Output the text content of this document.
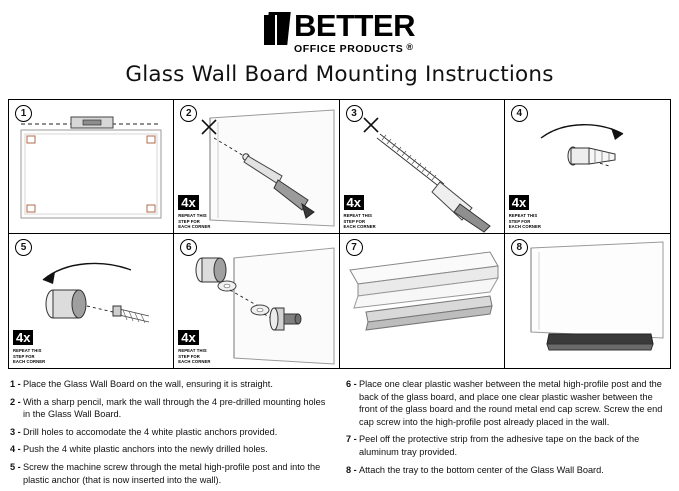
BETTER
OFFICE PRODUCTS ®
Glass Wall Board Mounting Instructions
1	2
4x
REPEAT THIS
STEP FOR
EACH CORNER
3
4x
REPEAT THIS
STEP FOR
EACH CORNER
4
4x
REPEAT THIS
STEP FOR
EACH CORNER
5
4x
REPEAT THIS
STEP FOR
EACH CORNER
6
4x
REPEAT THIS
STEP FOR
EACH CORNER
7	8
1 - Place the Glass Wall Board on the wall, ensuring it is straight.
2 - With a sharp pencil, mark the wall through the 4 pre-drilled mounting holes in the Glass Wall Board.
3 - Drill holes to accomodate the 4 white plastic anchors provided.
4 - Push the 4 white plastic anchors into the newly drilled holes.
5 - Screw the machine screw through the metal high-profile post and into the plastic anchor (that is now inserted into the wall).
6 - Place one clear plastic washer between the metal high-profile post and the back of the glass board, and place one clear plastic washer between the front of the glass board and the round metal end cap screw. Screw the end cap screw into the high-profile post already placed in the wall.
7 - Peel off the protective strip from the adhesive tape on the back of the aluminum tray provided.
8 - Attach the tray to the bottom center of the Glass Wall Board.
